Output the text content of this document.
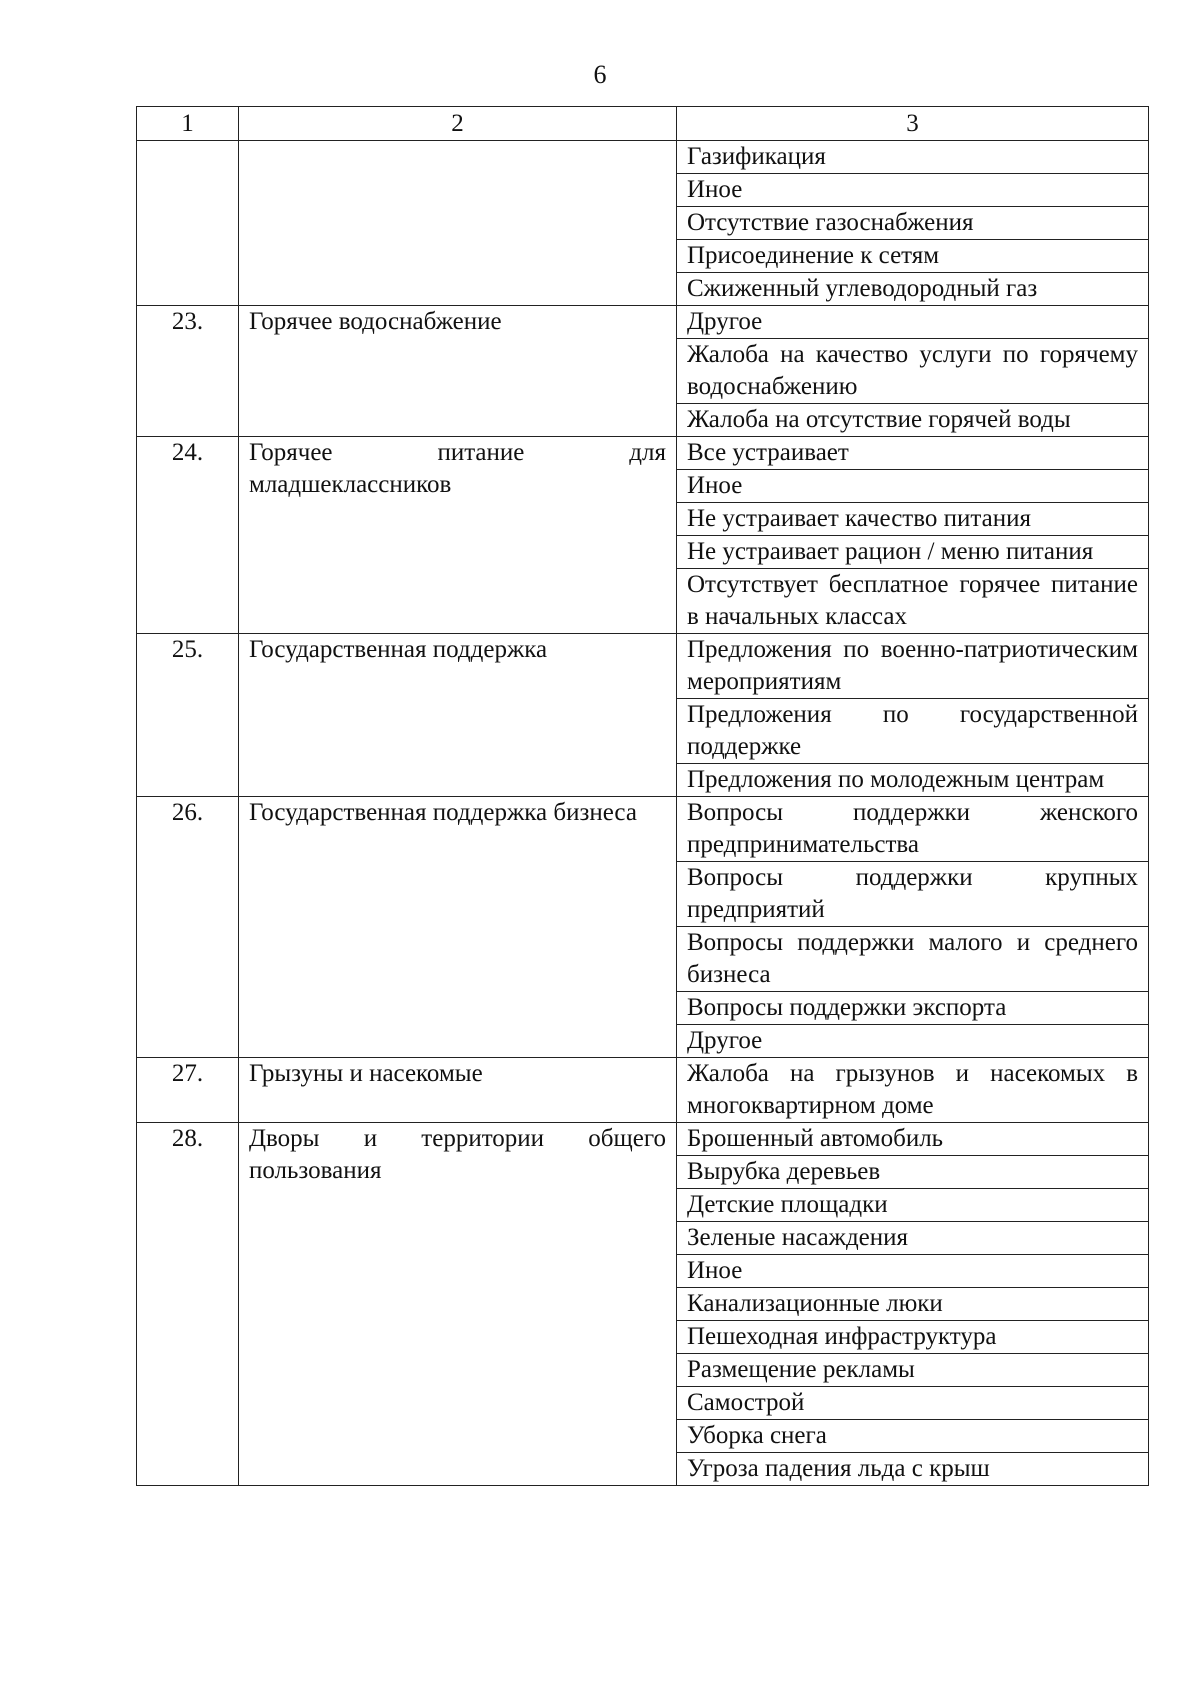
6
1	2	3

		Газификация

		Иное

		Отсутствие газоснабжения

		Присоединение к сетям

		Сжиженный углеводородный газ

23.	Горячее водоснабжение	Другое

		Жалоба на качество услуги по горячему водоснабжению

		Жалоба на отсутствие горячей воды

24.	Горячее питание для младшеклассников	Все устраивает

		Иное

		Не устраивает качество питания

		Не устраивает рацион / меню питания

		Отсутствует бесплатное горячее питание в начальных классах

25.	Государственная поддержка	Предложения по военно-патриотическим мероприятиям

		Предложения по государственной поддержке

		Предложения по молодежным центрам

26.	Государственная поддержка бизнеса	Вопросы поддержки женского предпринимательства

		Вопросы поддержки крупных предприятий

		Вопросы поддержки малого и среднего бизнеса

		Вопросы поддержки экспорта

		Другое

27.	Грызуны и насекомые	Жалоба на грызунов и насекомых в многоквартирном доме

28.	Дворы и территории общего пользования	Брошенный автомобиль

		Вырубка деревьев

		Детские площадки

		Зеленые насаждения

		Иное

		Канализационные люки

		Пешеходная инфраструктура

		Размещение рекламы

		Самострой

		Уборка снега

		Угроза падения льда с крыш
